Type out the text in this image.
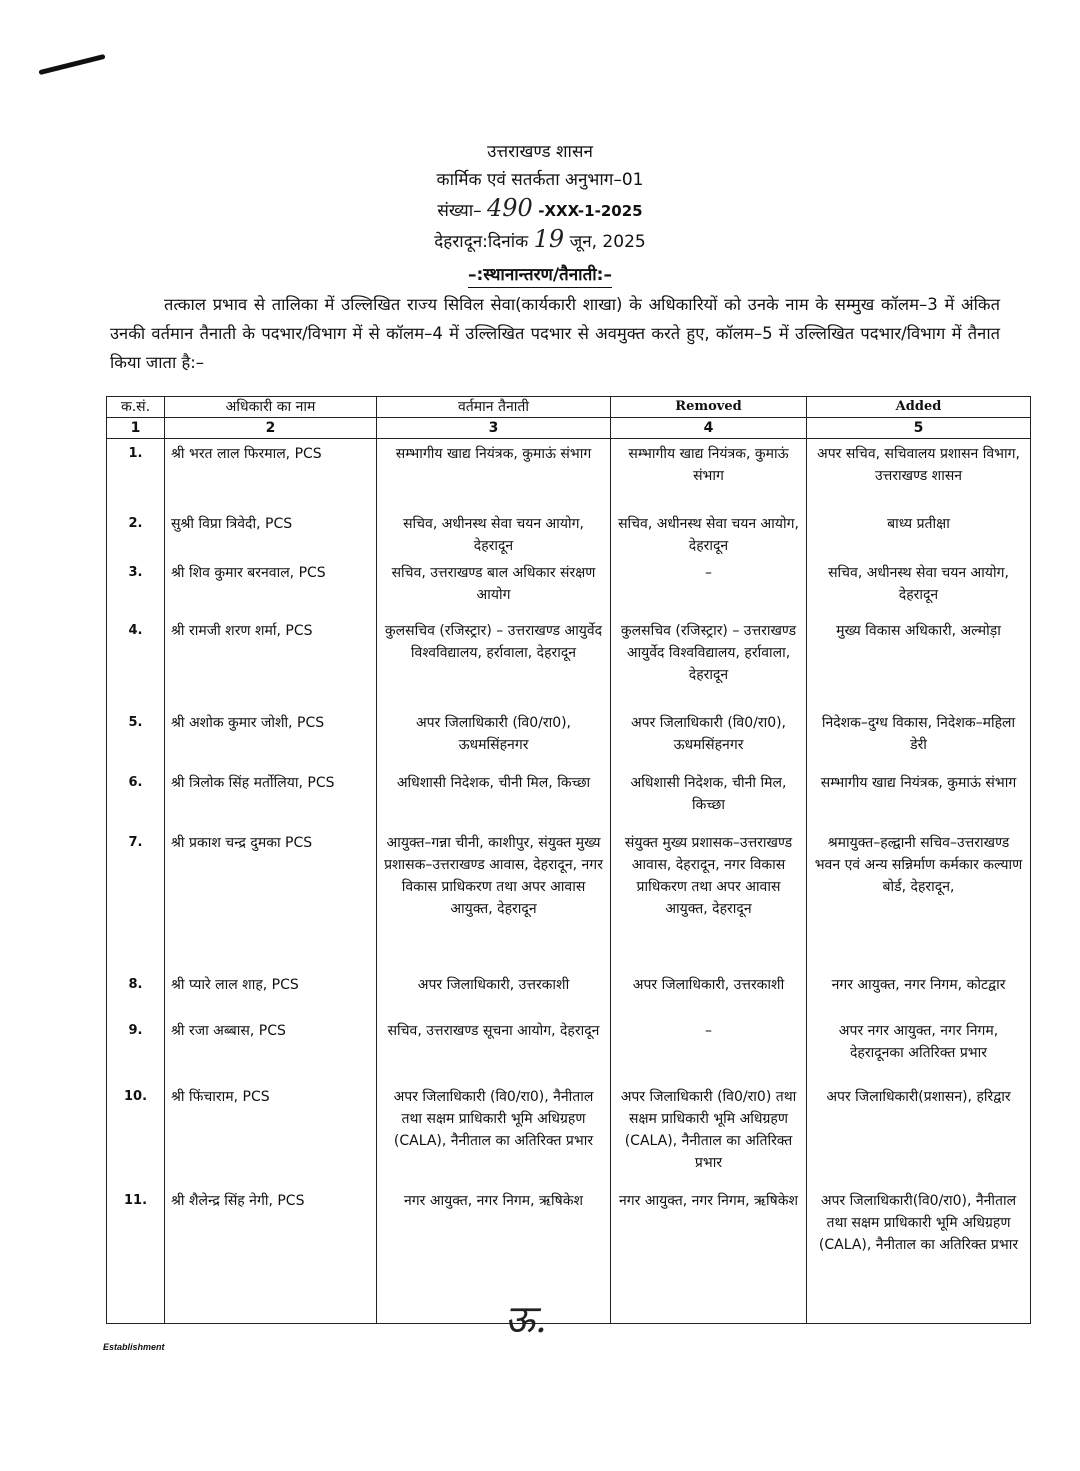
उत्तराखण्ड शासन
कार्मिक एवं सतर्कता अनुभाग–01
संख्या– 490 -XXX-1-2025
देहरादून:दिनांक 19 जून, 2025
–:स्थानान्तरण/तैनाती:–
तत्काल प्रभाव से तालिका में उल्लिखित राज्य सिविल सेवा(कार्यकारी शाखा) के अधिकारियों को उनके नाम के सम्मुख कॉलम–3 में अंकित उनकी वर्तमान तैनाती के पदभार/विभाग में से कॉलम–4 में उल्लिखित पदभार से अवमुक्त करते हुए, कॉलम–5 में उल्लिखित पदभार/विभाग में तैनात किया जाता है:–
क.सं.	अधिकारी का नाम	वर्तमान तैनाती	Removed	Added
1	2	3	4	5
1.	श्री भरत लाल फिरमाल, PCS	सम्भागीय खाद्य नियंत्रक, कुमाऊं संभाग	सम्भागीय खाद्य नियंत्रक, कुमाऊं संभाग	अपर सचिव, सचिवालय प्रशासन विभाग, उत्तराखण्ड शासन
2.	सुश्री विप्रा त्रिवेदी, PCS	सचिव, अधीनस्थ सेवा चयन आयोग, देहरादून	सचिव, अधीनस्थ सेवा चयन आयोग, देहरादून	बाध्य प्रतीक्षा
3.	श्री शिव कुमार बरनवाल, PCS	सचिव, उत्तराखण्ड बाल अधिकार संरक्षण आयोग	–	सचिव, अधीनस्थ सेवा चयन आयोग, देहरादून
4.	श्री रामजी शरण शर्मा, PCS	कुलसचिव (रजिस्ट्रार) – उत्तराखण्ड आयुर्वेद विश्वविद्यालय, हर्रावाला, देहरादून	कुलसचिव (रजिस्ट्रार) – उत्तराखण्ड आयुर्वेद विश्वविद्यालय, हर्रावाला, देहरादून	मुख्य विकास अधिकारी, अल्मोड़ा
5.	श्री अशोक कुमार जोशी, PCS	अपर जिलाधिकारी (वि0/रा0), ऊधमसिंहनगर	अपर जिलाधिकारी (वि0/रा0), ऊधमसिंहनगर	निदेशक–दुग्ध विकास, निदेशक–महिला डेरी
6.	श्री त्रिलोक सिंह मर्तोलिया, PCS	अधिशासी निदेशक, चीनी मिल, किच्छा	अधिशासी निदेशक, चीनी मिल, किच्छा	सम्भागीय खाद्य नियंत्रक, कुमाऊं संभाग
7.	श्री प्रकाश चन्द्र दुमका PCS	आयुक्त–गन्ना चीनी, काशीपुर, संयुक्त मुख्य प्रशासक–उत्तराखण्ड आवास, देहरादून, नगर विकास प्राधिकरण तथा अपर आवास आयुक्त, देहरादून	संयुक्त मुख्य प्रशासक–उत्तराखण्ड आवास, देहरादून, नगर विकास प्राधिकरण तथा अपर आवास आयुक्त, देहरादून	श्रमायुक्त–हल्द्वानी सचिव–उत्तराखण्ड भवन एवं अन्य सन्निर्माण कर्मकार कल्याण बोर्ड, देहरादून,
8.	श्री प्यारे लाल शाह, PCS	अपर जिलाधिकारी, उत्तरकाशी	अपर जिलाधिकारी, उत्तरकाशी	नगर आयुक्त, नगर निगम, कोटद्वार
9.	श्री रजा अब्बास, PCS	सचिव, उत्तराखण्ड सूचना आयोग, देहरादून	–	अपर नगर आयुक्त, नगर निगम, देहरादूनका अतिरिक्त प्रभार
10.	श्री फिंचाराम, PCS	अपर जिलाधिकारी (वि0/रा0), नैनीताल तथा सक्षम प्राधिकारी भूमि अधिग्रहण (CALA), नैनीताल का अतिरिक्त प्रभार	अपर जिलाधिकारी (वि0/रा0) तथा सक्षम प्राधिकारी भूमि अधिग्रहण (CALA), नैनीताल का अतिरिक्त प्रभार	अपर जिलाधिकारी(प्रशासन), हरिद्वार
11.	श्री शैलेन्द्र सिंह नेगी, PCS	नगर आयुक्त, नगर निगम, ऋषिकेश	नगर आयुक्त, नगर निगम, ऋषिकेश	अपर जिलाधिकारी(वि0/रा0), नैनीताल तथा सक्षम प्राधिकारी भूमि अधिग्रहण (CALA), नैनीताल का अतिरिक्त प्रभार
ऊ.
Establishment
